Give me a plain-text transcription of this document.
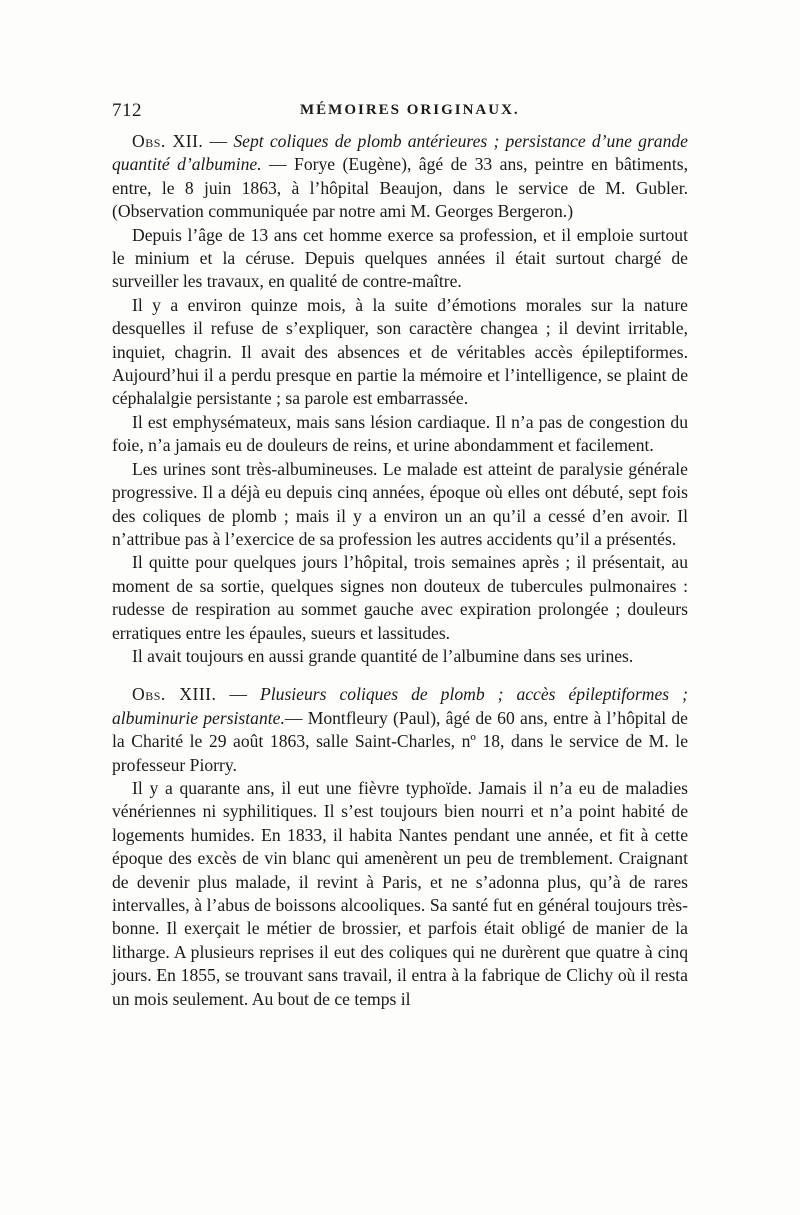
712	MÉMOIRES ORIGINAUX.

Obs. XII. — Sept coliques de plomb antérieures ; persistance d’une grande quantité d’albumine. — Forye (Eugène), âgé de 33 ans, peintre en bâtiments, entre, le 8 juin 1863, à l’hôpital Beaujon, dans le service de M. Gubler. (Observation communiquée par notre ami M. Georges Bergeron.)

Depuis l’âge de 13 ans cet homme exerce sa profession, et il emploie surtout le minium et la céruse. Depuis quelques années il était surtout chargé de surveiller les travaux, en qualité de contre-maître.

Il y a environ quinze mois, à la suite d’émotions morales sur la nature desquelles il refuse de s’expliquer, son caractère changea ; il devint irritable, inquiet, chagrin. Il avait des absences et de véritables accès épileptiformes. Aujourd’hui il a perdu presque en partie la mémoire et l’intelligence, se plaint de céphalalgie persistante ; sa parole est embarrassée.

Il est emphysémateux, mais sans lésion cardiaque. Il n’a pas de congestion du foie, n’a jamais eu de douleurs de reins, et urine abondamment et facilement.

Les urines sont très-albumineuses. Le malade est atteint de paralysie générale progressive. Il a déjà eu depuis cinq années, époque où elles ont débuté, sept fois des coliques de plomb ; mais il y a environ un an qu’il a cessé d’en avoir. Il n’attribue pas à l’exercice de sa profession les autres accidents qu’il a présentés.

Il quitte pour quelques jours l’hôpital, trois semaines après ; il présentait, au moment de sa sortie, quelques signes non douteux de tubercules pulmonaires : rudesse de respiration au sommet gauche avec expiration prolongée ; douleurs erratiques entre les épaules, sueurs et lassitudes.

Il avait toujours en aussi grande quantité de l’albumine dans ses urines.

Obs. XIII. — Plusieurs coliques de plomb ; accès épileptiformes ; albuminurie persistante.— Montfleury (Paul), âgé de 60 ans, entre à l’hôpital de la Charité le 29 août 1863, salle Saint-Charles, nº 18, dans le service de M. le professeur Piorry.

Il y a quarante ans, il eut une fièvre typhoïde. Jamais il n’a eu de maladies vénériennes ni syphilitiques. Il s’est toujours bien nourri et n’a point habité de logements humides. En 1833, il habita Nantes pendant une année, et fit à cette époque des excès de vin blanc qui amenèrent un peu de tremblement. Craignant de devenir plus malade, il revint à Paris, et ne s’adonna plus, qu’à de rares intervalles, à l’abus de boissons alcooliques. Sa santé fut en général toujours très-bonne. Il exerçait le métier de brossier, et parfois était obligé de manier de la litharge. A plusieurs reprises il eut des coliques qui ne durèrent que quatre à cinq jours. En 1855, se trouvant sans travail, il entra à la fabrique de Clichy où il resta un mois seulement. Au bout de ce temps il
